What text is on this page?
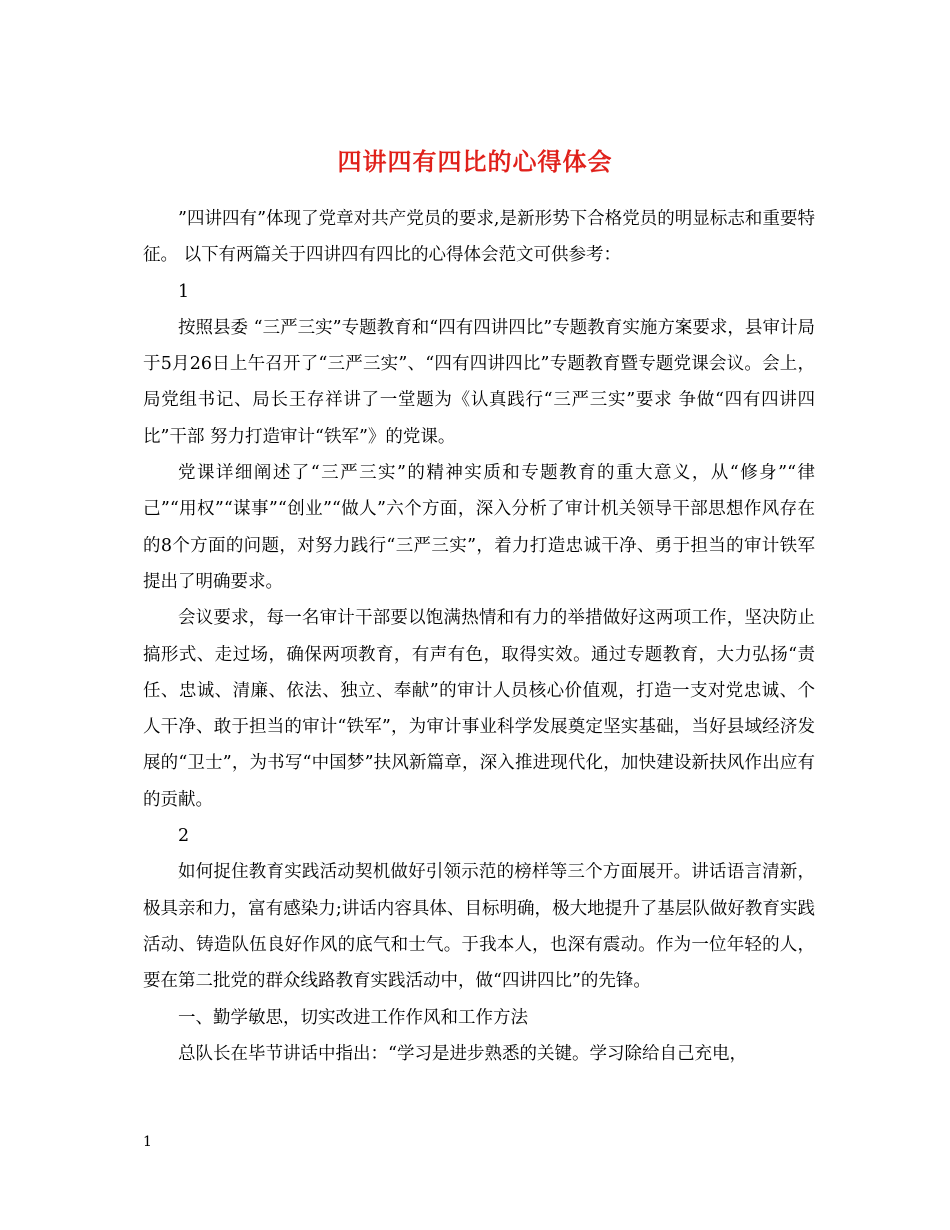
四讲四有四比的心得体会

”四讲四有”体现了党章对共产党员的要求,是新形势下合格党员的明显标志和重要特征。 以下有两篇关于四讲四有四比的心得体会范文可供参考：

1

按照县委 “三严三实”专题教育和“四有四讲四比”专题教育实施方案要求，县审计局于5月26日上午召开了“三严三实”、“四有四讲四比”专题教育暨专题党课会议。会上，局党组书记、局长王存祥讲了一堂题为《认真践行“三严三实”要求 争做“四有四讲四比”干部 努力打造审计“铁军”》的党课。

党课详细阐述了“三严三实”的精神实质和专题教育的重大意义，从“修身”“律己”“用权”“谋事”“创业”“做人”六个方面，深入分析了审计机关领导干部思想作风存在的8个方面的问题，对努力践行“三严三实”，着力打造忠诚干净、勇于担当的审计铁军提出了明确要求。

会议要求，每一名审计干部要以饱满热情和有力的举措做好这两项工作，坚决防止搞形式、走过场，确保两项教育，有声有色，取得实效。通过专题教育，大力弘扬“责任、忠诚、清廉、依法、独立、奉献”的审计人员核心价值观，打造一支对党忠诚、个人干净、敢于担当的审计“铁军”，为审计事业科学发展奠定坚实基础，当好县域经济发展的“卫士”，为书写“中国梦”扶风新篇章，深入推进现代化，加快建设新扶风作出应有的贡献。

2

如何捉住教育实践活动契机做好引领示范的榜样等三个方面展开。讲话语言清新，极具亲和力，富有感染力;讲话内容具体、目标明确，极大地提升了基层队做好教育实践活动、铸造队伍良好作风的底气和士气。于我本人，也深有震动。作为一位年轻的人，要在第二批党的群众线路教育实践活动中，做“四讲四比”的先锋。

一、勤学敏思，切实改进工作作风和工作方法

总队长在毕节讲话中指出：“学习是进步熟悉的关键。学习除给自己充电，

1
